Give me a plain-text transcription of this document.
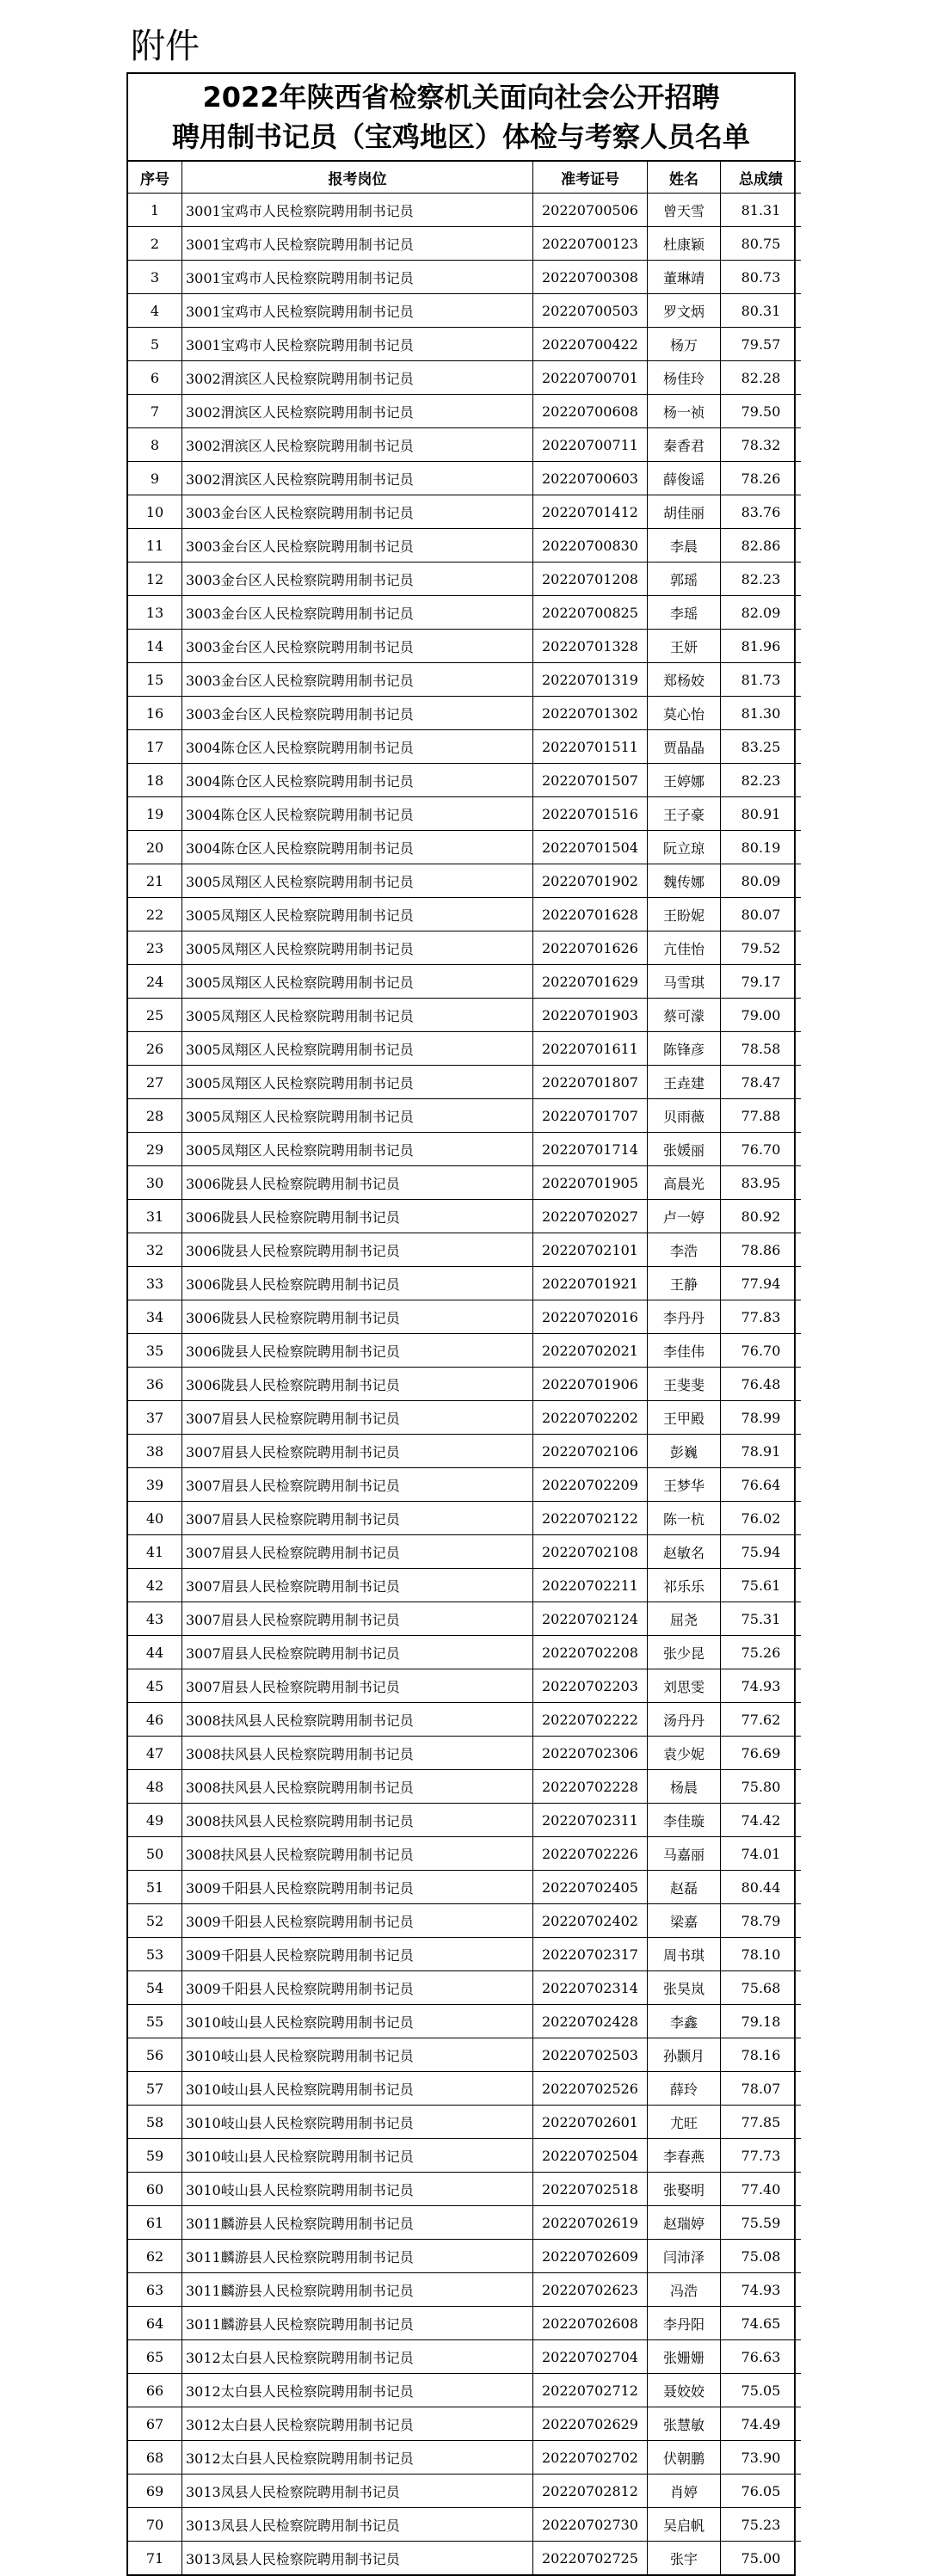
附件
2022年陕西省检察机关面向社会公开招聘
聘用制书记员（宝鸡地区）体检与考察人员名单
序号	报考岗位	准考证号	姓名	总成绩
1	3001宝鸡市人民检察院聘用制书记员	20220700506	曾天雪	81.31
2	3001宝鸡市人民检察院聘用制书记员	20220700123	杜康颖	80.75
3	3001宝鸡市人民检察院聘用制书记员	20220700308	董琳靖	80.73
4	3001宝鸡市人民检察院聘用制书记员	20220700503	罗文炳	80.31
5	3001宝鸡市人民检察院聘用制书记员	20220700422	杨万	79.57
6	3002渭滨区人民检察院聘用制书记员	20220700701	杨佳玲	82.28
7	3002渭滨区人民检察院聘用制书记员	20220700608	杨一祯	79.50
8	3002渭滨区人民检察院聘用制书记员	20220700711	秦香君	78.32
9	3002渭滨区人民检察院聘用制书记员	20220700603	薛俊谣	78.26
10	3003金台区人民检察院聘用制书记员	20220701412	胡佳丽	83.76
11	3003金台区人民检察院聘用制书记员	20220700830	李晨	82.86
12	3003金台区人民检察院聘用制书记员	20220701208	郭瑶	82.23
13	3003金台区人民检察院聘用制书记员	20220700825	李瑶	82.09
14	3003金台区人民检察院聘用制书记员	20220701328	王妍	81.96
15	3003金台区人民检察院聘用制书记员	20220701319	郑杨姣	81.73
16	3003金台区人民检察院聘用制书记员	20220701302	莫心怡	81.30
17	3004陈仓区人民检察院聘用制书记员	20220701511	贾晶晶	83.25
18	3004陈仓区人民检察院聘用制书记员	20220701507	王婷娜	82.23
19	3004陈仓区人民检察院聘用制书记员	20220701516	王子豪	80.91
20	3004陈仓区人民检察院聘用制书记员	20220701504	阮立琼	80.19
21	3005凤翔区人民检察院聘用制书记员	20220701902	魏传娜	80.09
22	3005凤翔区人民检察院聘用制书记员	20220701628	王盼妮	80.07
23	3005凤翔区人民检察院聘用制书记员	20220701626	亢佳怡	79.52
24	3005凤翔区人民检察院聘用制书记员	20220701629	马雪琪	79.17
25	3005凤翔区人民检察院聘用制书记员	20220701903	蔡可濛	79.00
26	3005凤翔区人民检察院聘用制书记员	20220701611	陈锋彦	78.58
27	3005凤翔区人民检察院聘用制书记员	20220701807	王垚建	78.47
28	3005凤翔区人民检察院聘用制书记员	20220701707	贝雨薇	77.88
29	3005凤翔区人民检察院聘用制书记员	20220701714	张媛丽	76.70
30	3006陇县人民检察院聘用制书记员	20220701905	高晨光	83.95
31	3006陇县人民检察院聘用制书记员	20220702027	卢一婷	80.92
32	3006陇县人民检察院聘用制书记员	20220702101	李浩	78.86
33	3006陇县人民检察院聘用制书记员	20220701921	王静	77.94
34	3006陇县人民检察院聘用制书记员	20220702016	李丹丹	77.83
35	3006陇县人民检察院聘用制书记员	20220702021	李佳伟	76.70
36	3006陇县人民检察院聘用制书记员	20220701906	王斐斐	76.48
37	3007眉县人民检察院聘用制书记员	20220702202	王甲殿	78.99
38	3007眉县人民检察院聘用制书记员	20220702106	彭巍	78.91
39	3007眉县人民检察院聘用制书记员	20220702209	王梦华	76.64
40	3007眉县人民检察院聘用制书记员	20220702122	陈一杭	76.02
41	3007眉县人民检察院聘用制书记员	20220702108	赵敏名	75.94
42	3007眉县人民检察院聘用制书记员	20220702211	祁乐乐	75.61
43	3007眉县人民检察院聘用制书记员	20220702124	屈尧	75.31
44	3007眉县人民检察院聘用制书记员	20220702208	张少昆	75.26
45	3007眉县人民检察院聘用制书记员	20220702203	刘思雯	74.93
46	3008扶风县人民检察院聘用制书记员	20220702222	汤丹丹	77.62
47	3008扶风县人民检察院聘用制书记员	20220702306	袁少妮	76.69
48	3008扶风县人民检察院聘用制书记员	20220702228	杨晨	75.80
49	3008扶风县人民检察院聘用制书记员	20220702311	李佳璇	74.42
50	3008扶风县人民检察院聘用制书记员	20220702226	马嘉丽	74.01
51	3009千阳县人民检察院聘用制书记员	20220702405	赵磊	80.44
52	3009千阳县人民检察院聘用制书记员	20220702402	梁嘉	78.79
53	3009千阳县人民检察院聘用制书记员	20220702317	周书琪	78.10
54	3009千阳县人民检察院聘用制书记员	20220702314	张昊岚	75.68
55	3010岐山县人民检察院聘用制书记员	20220702428	李鑫	79.18
56	3010岐山县人民检察院聘用制书记员	20220702503	孙颢月	78.16
57	3010岐山县人民检察院聘用制书记员	20220702526	薛玲	78.07
58	3010岐山县人民检察院聘用制书记员	20220702601	尤旺	77.85
59	3010岐山县人民检察院聘用制书记员	20220702504	李春燕	77.73
60	3010岐山县人民检察院聘用制书记员	20220702518	张娶明	77.40
61	3011麟游县人民检察院聘用制书记员	20220702619	赵瑞婷	75.59
62	3011麟游县人民检察院聘用制书记员	20220702609	闫沛泽	75.08
63	3011麟游县人民检察院聘用制书记员	20220702623	冯浩	74.93
64	3011麟游县人民检察院聘用制书记员	20220702608	李丹阳	74.65
65	3012太白县人民检察院聘用制书记员	20220702704	张姗姗	76.63
66	3012太白县人民检察院聘用制书记员	20220702712	聂姣姣	75.05
67	3012太白县人民检察院聘用制书记员	20220702629	张慧敏	74.49
68	3012太白县人民检察院聘用制书记员	20220702702	伏朝鹏	73.90
69	3013凤县人民检察院聘用制书记员	20220702812	肖婷	76.05
70	3013凤县人民检察院聘用制书记员	20220702730	吴启帆	75.23
71	3013凤县人民检察院聘用制书记员	20220702725	张宇	75.00
